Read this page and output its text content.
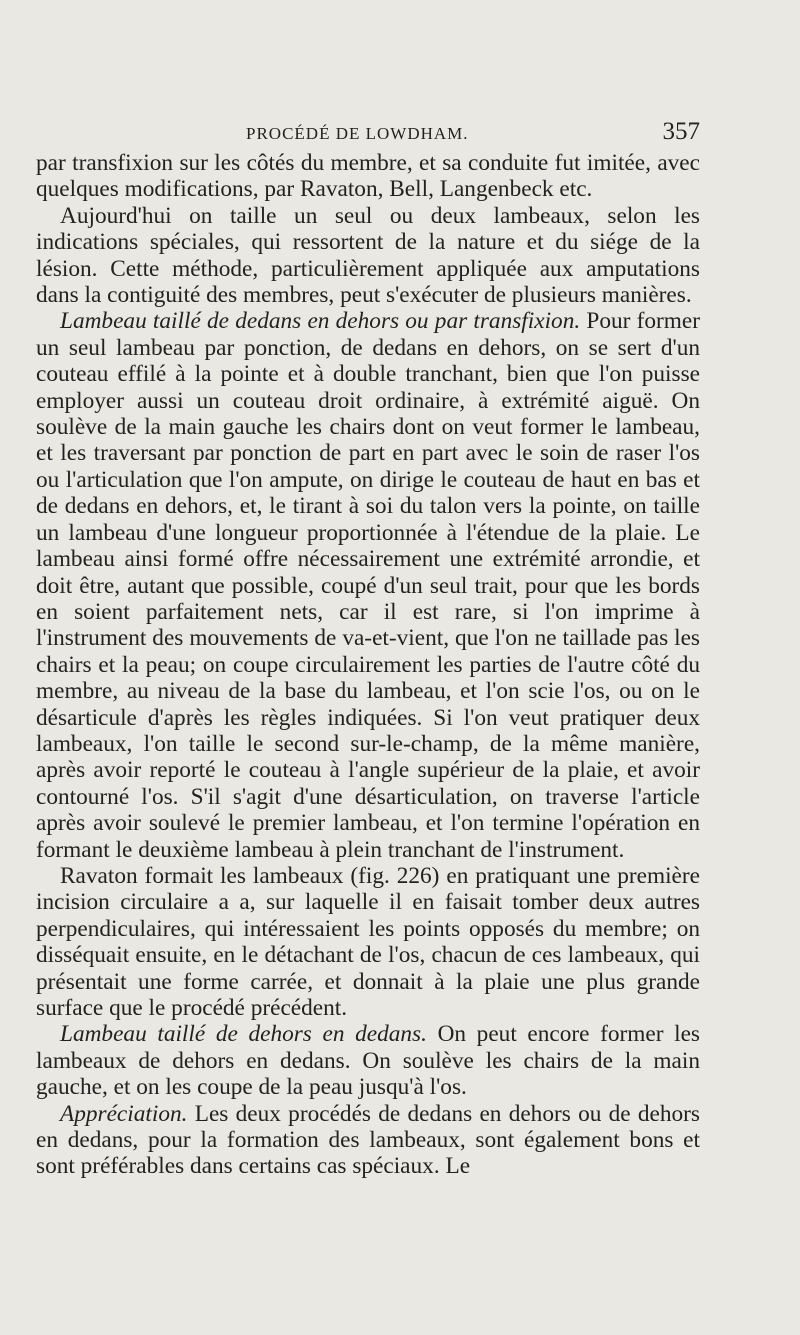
PROCÉDÉ DE LOWDHAM.	357

par transfixion sur les côtés du membre, et sa conduite fut imitée, avec quelques modifications, par Ravaton, Bell, Langenbeck etc.

Aujourd'hui on taille un seul ou deux lambeaux, selon les indications spéciales, qui ressortent de la nature et du siége de la lésion. Cette méthode, particulièrement appliquée aux amputations dans la contiguité des membres, peut s'exécuter de plusieurs manières.

Lambeau taillé de dedans en dehors ou par transfixion. Pour former un seul lambeau par ponction, de dedans en dehors, on se sert d'un couteau effilé à la pointe et à double tranchant, bien que l'on puisse employer aussi un couteau droit ordinaire, à extrémité aiguë. On soulève de la main gauche les chairs dont on veut former le lambeau, et les traversant par ponction de part en part avec le soin de raser l'os ou l'articulation que l'on ampute, on dirige le couteau de haut en bas et de dedans en dehors, et, le tirant à soi du talon vers la pointe, on taille un lambeau d'une longueur proportionnée à l'étendue de la plaie. Le lambeau ainsi formé offre nécessairement une extrémité arrondie, et doit être, autant que possible, coupé d'un seul trait, pour que les bords en soient parfaitement nets, car il est rare, si l'on imprime à l'instrument des mouvements de va-et-vient, que l'on ne taillade pas les chairs et la peau; on coupe circulairement les parties de l'autre côté du membre, au niveau de la base du lambeau, et l'on scie l'os, ou on le désarticule d'après les règles indiquées. Si l'on veut pratiquer deux lambeaux, l'on taille le second sur-le-champ, de la même manière, après avoir reporté le couteau à l'angle supérieur de la plaie, et avoir contourné l'os. S'il s'agit d'une désarticulation, on traverse l'article après avoir soulevé le premier lambeau, et l'on termine l'opération en formant le deuxième lambeau à plein tranchant de l'instrument.

Ravaton formait les lambeaux (fig. 226) en pratiquant une première incision circulaire a a, sur laquelle il en faisait tomber deux autres perpendiculaires, qui intéressaient les points opposés du membre; on disséquait ensuite, en le détachant de l'os, chacun de ces lambeaux, qui présentait une forme carrée, et donnait à la plaie une plus grande surface que le procédé précédent.

Lambeau taillé de dehors en dedans. On peut encore former les lambeaux de dehors en dedans. On soulève les chairs de la main gauche, et on les coupe de la peau jusqu'à l'os.

Appréciation. Les deux procédés de dedans en dehors ou de dehors en dedans, pour la formation des lambeaux, sont également bons et sont préférables dans certains cas spéciaux. Le
